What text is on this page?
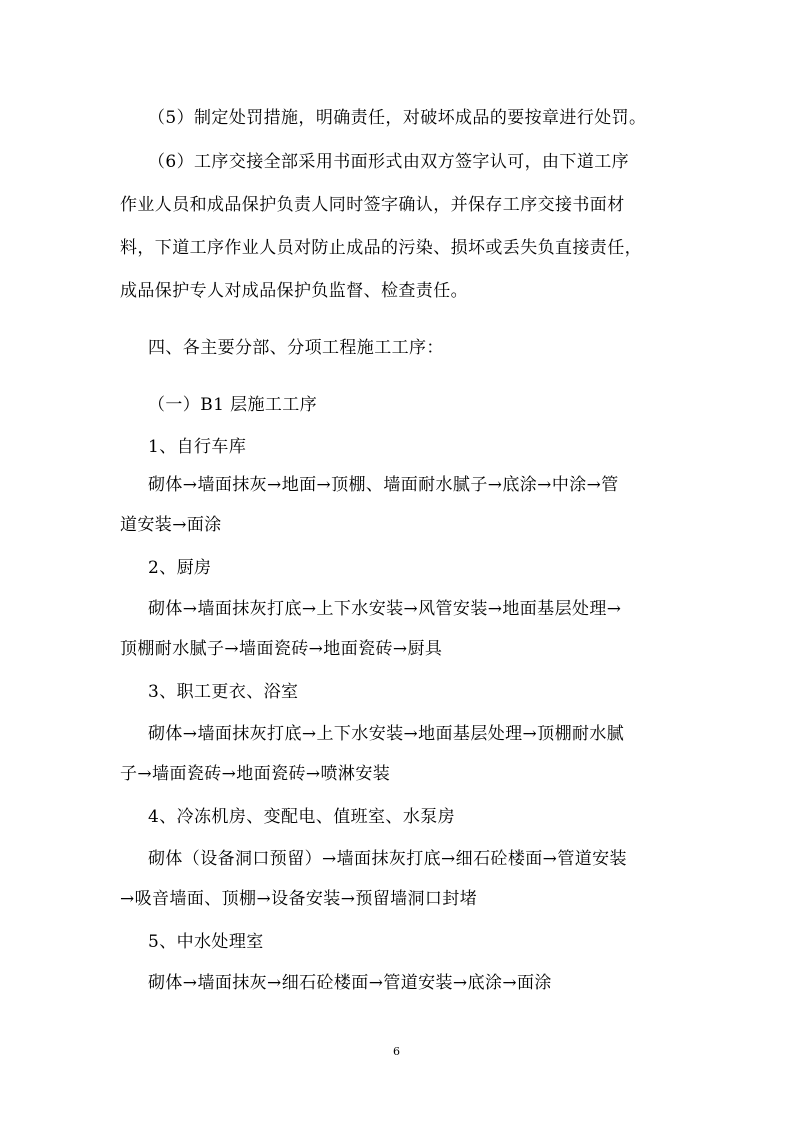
（5）制定处罚措施，明确责任，对破坏成品的要按章进行处罚。
（6）工序交接全部采用书面形式由双方签字认可，由下道工序
作业人员和成品保护负责人同时签字确认，并保存工序交接书面材
料，下道工序作业人员对防止成品的污染、损坏或丢失负直接责任，
成品保护专人对成品保护负监督、检查责任。
四、各主要分部、分项工程施工工序：
（一）B1 层施工工序
1、自行车库
砌体→墙面抹灰→地面→顶棚、墙面耐水腻子→底涂→中涂→管
道安装→面涂
2、厨房
砌体→墙面抹灰打底→上下水安装→风管安装→地面基层处理→
顶棚耐水腻子→墙面瓷砖→地面瓷砖→厨具
3、职工更衣、浴室
砌体→墙面抹灰打底→上下水安装→地面基层处理→顶棚耐水腻
子→墙面瓷砖→地面瓷砖→喷淋安装
4、冷冻机房、变配电、值班室、水泵房
砌体（设备洞口预留）→墙面抹灰打底→细石砼楼面→管道安装
→吸音墙面、顶棚→设备安装→预留墙洞口封堵
5、中水处理室
砌体→墙面抹灰→细石砼楼面→管道安装→底涂→面涂
6
